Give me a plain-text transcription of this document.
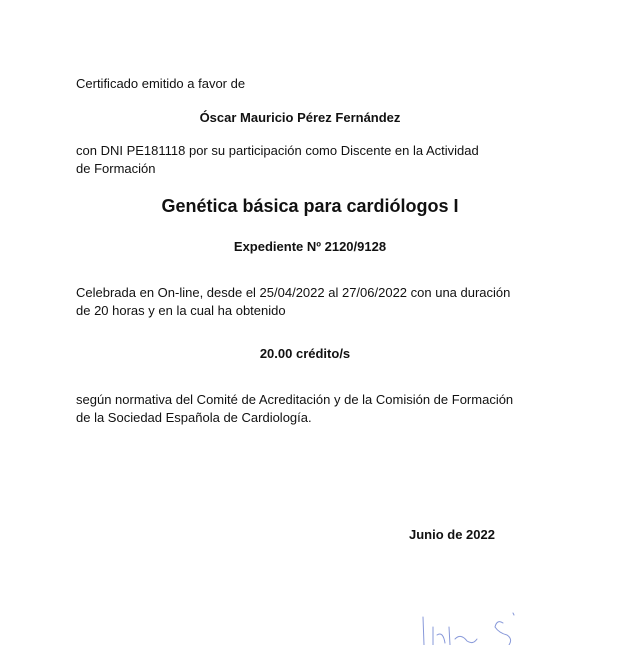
Certificado emitido a favor de
Óscar Mauricio Pérez Fernández
con DNI PE181118 por su participación como Discente en la Actividad
de Formación
Genética básica para cardiólogos I
Expediente Nº 2120/9128
Celebrada en On-line, desde el 25/04/2022 al 27/06/2022 con una duración
de 20 horas y en la cual ha obtenido
20.00 crédito/s
según normativa del Comité de Acreditación y de la Comisión de Formación
de la Sociedad Española de Cardiología.
Junio de 2022
